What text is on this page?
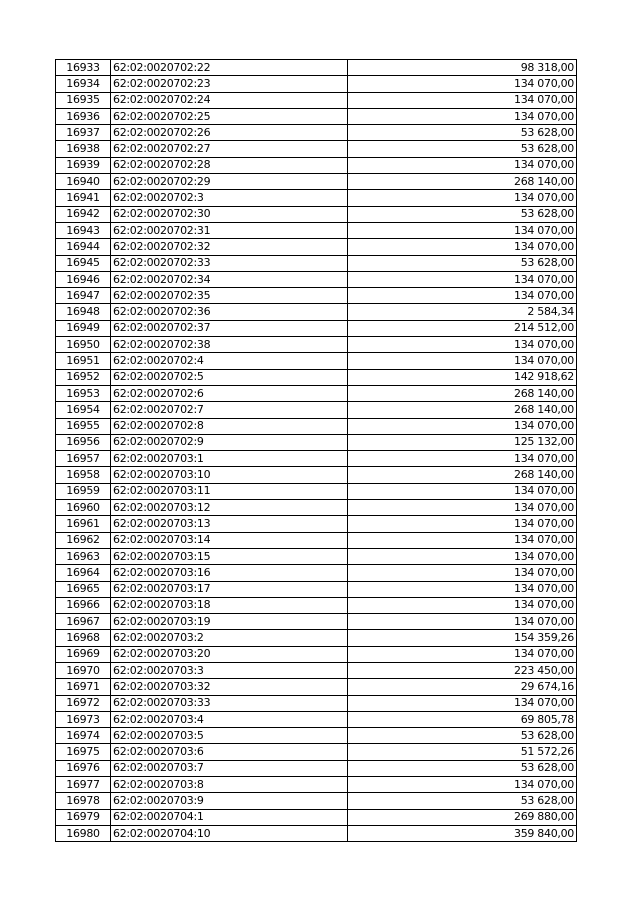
16933	62:02:0020702:22	98 318,00
16934	62:02:0020702:23	134 070,00
16935	62:02:0020702:24	134 070,00
16936	62:02:0020702:25	134 070,00
16937	62:02:0020702:26	53 628,00
16938	62:02:0020702:27	53 628,00
16939	62:02:0020702:28	134 070,00
16940	62:02:0020702:29	268 140,00
16941	62:02:0020702:3	134 070,00
16942	62:02:0020702:30	53 628,00
16943	62:02:0020702:31	134 070,00
16944	62:02:0020702:32	134 070,00
16945	62:02:0020702:33	53 628,00
16946	62:02:0020702:34	134 070,00
16947	62:02:0020702:35	134 070,00
16948	62:02:0020702:36	2 584,34
16949	62:02:0020702:37	214 512,00
16950	62:02:0020702:38	134 070,00
16951	62:02:0020702:4	134 070,00
16952	62:02:0020702:5	142 918,62
16953	62:02:0020702:6	268 140,00
16954	62:02:0020702:7	268 140,00
16955	62:02:0020702:8	134 070,00
16956	62:02:0020702:9	125 132,00
16957	62:02:0020703:1	134 070,00
16958	62:02:0020703:10	268 140,00
16959	62:02:0020703:11	134 070,00
16960	62:02:0020703:12	134 070,00
16961	62:02:0020703:13	134 070,00
16962	62:02:0020703:14	134 070,00
16963	62:02:0020703:15	134 070,00
16964	62:02:0020703:16	134 070,00
16965	62:02:0020703:17	134 070,00
16966	62:02:0020703:18	134 070,00
16967	62:02:0020703:19	134 070,00
16968	62:02:0020703:2	154 359,26
16969	62:02:0020703:20	134 070,00
16970	62:02:0020703:3	223 450,00
16971	62:02:0020703:32	29 674,16
16972	62:02:0020703:33	134 070,00
16973	62:02:0020703:4	69 805,78
16974	62:02:0020703:5	53 628,00
16975	62:02:0020703:6	51 572,26
16976	62:02:0020703:7	53 628,00
16977	62:02:0020703:8	134 070,00
16978	62:02:0020703:9	53 628,00
16979	62:02:0020704:1	269 880,00
16980	62:02:0020704:10	359 840,00
